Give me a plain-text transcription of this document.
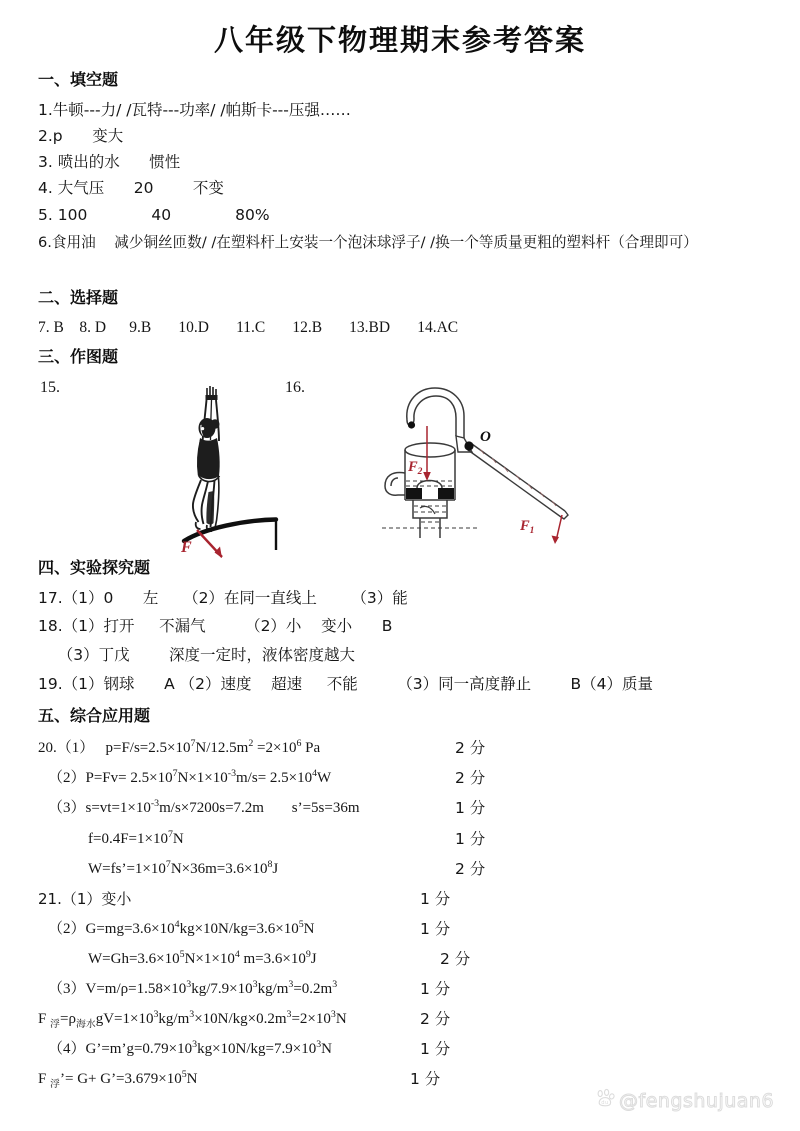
八年级下物理期末参考答案
一、填空题
1.牛顿---力/ /瓦特---功率/ /帕斯卡---压强……
2.p      变大
3. 喷出的水      惯性
4. 大气压      20        不变
5. 100             40             80%
6.食用油    减少铜丝匝数/ /在塑料杆上安装一个泡沫球浮子/ /换一个等质量更粗的塑料杆（合理即可）
二、选择题
7. B    8. D      9.B       10.D       11.C       12.B       13.BD       14.AC
三、作图题
15.	16.
F
O
$F_2$
$F_1$
四、实验探究题
17.（1）0      左     （2）在同一直线上       （3）能
18.（1）打开     不漏气        （2）小    变小      B
（3）丁戊        深度一定时，液体密度越大
19.（1）钢球      A （2）速度    超速     不能        （3）同一高度静止        B（4）质量
五、综合应用题
20.（1）   $p=F/s=2.5\times 10^7N/12.5m^2 =2\times 10^6$ Pa	2 分
$(2)P=Fv= 2.5\times 10^7N\times 1\times 10^{-3}m/s= 2.5\times 10^4W$	2 分
$(3)s=vt=1\times 10^{-3}m/s\times 7200s=7.2m$	s’=5s=36m	1 分
$f=0.4F=1\times 10^7N$	1 分
$W=fs’=1\times 10^7N\times 36m=3.6\times 10^8J$	2 分
21.（1）变小	1 分
$(2)G=mg=3.6\times 10^4kg\times 10N/kg=3.6\times 10^5N$	1 分
$W=Gh=3.6\times 10^5N\times 1\times 10^4$ $m=3.6\times 10^9J$	2 分
$(3)V=m/\rho=1.58\times 10^3kg/7.9\times 10^3kg/m^3=0.2m^3$	1 分
F $_浮=\rho_{海水}gV=1\times 10^3kg/m^3\times 10N/kg\times 0.2m^3=2\times 10^3N$	2 分
$(4)G’=m’g=0.79\times 10^3kg\times 10N/kg=7.9\times 10^3N$	1 分
F $_浮$’= $G+ G’=3.679\times 10^5N$	1 分
du @fengshujuan6
